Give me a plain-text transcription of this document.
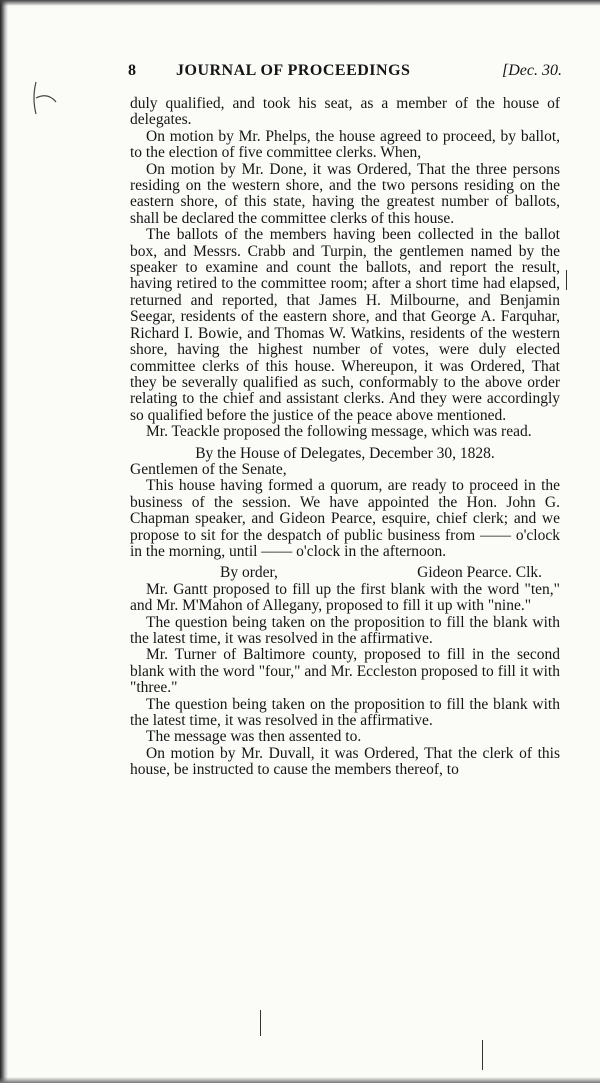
8	JOURNAL OF PROCEEDINGS	[Dec. 30.

duly qualified, and took his seat, as a member of the house of delegates.

On motion by Mr. Phelps, the house agreed to proceed, by ballot, to the election of five committee clerks. When,

On motion by Mr. Done, it was Ordered, That the three persons residing on the western shore, and the two persons residing on the eastern shore, of this state, having the greatest number of ballots, shall be declared the committee clerks of this house.

The ballots of the members having been collected in the ballot box, and Messrs. Crabb and Turpin, the gentlemen named by the speaker to examine and count the ballots, and report the result, having retired to the committee room; after a short time had elapsed, returned and reported, that James H. Milbourne, and Benjamin Seegar, residents of the eastern shore, and that George A. Farquhar, Richard I. Bowie, and Thomas W. Watkins, residents of the western shore, having the highest number of votes, were duly elected committee clerks of this house. Whereupon, it was Ordered, That they be severally qualified as such, conformably to the above order relating to the chief and assistant clerks. And they were accordingly so qualified before the justice of the peace above mentioned.

Mr. Teackle proposed the following message, which was read.

By the House of Delegates, December 30, 1828.

Gentlemen of the Senate,

This house having formed a quorum, are ready to proceed in the business of the session. We have appointed the Hon. John G. Chapman speaker, and Gideon Pearce, esquire, chief clerk; and we propose to sit for the despatch of public business from —— o'clock in the morning, until —— o'clock in the afternoon.

By order,	Gideon Pearce. Clk.

Mr. Gantt proposed to fill up the first blank with the word "ten," and Mr. M'Mahon of Allegany, proposed to fill it up with "nine."

The question being taken on the proposition to fill the blank with the latest time, it was resolved in the affirmative.

Mr. Turner of Baltimore county, proposed to fill in the second blank with the word "four," and Mr. Eccleston proposed to fill it with "three."

The question being taken on the proposition to fill the blank with the latest time, it was resolved in the affirmative.

The message was then assented to.

On motion by Mr. Duvall, it was Ordered, That the clerk of this house, be instructed to cause the members thereof, to
